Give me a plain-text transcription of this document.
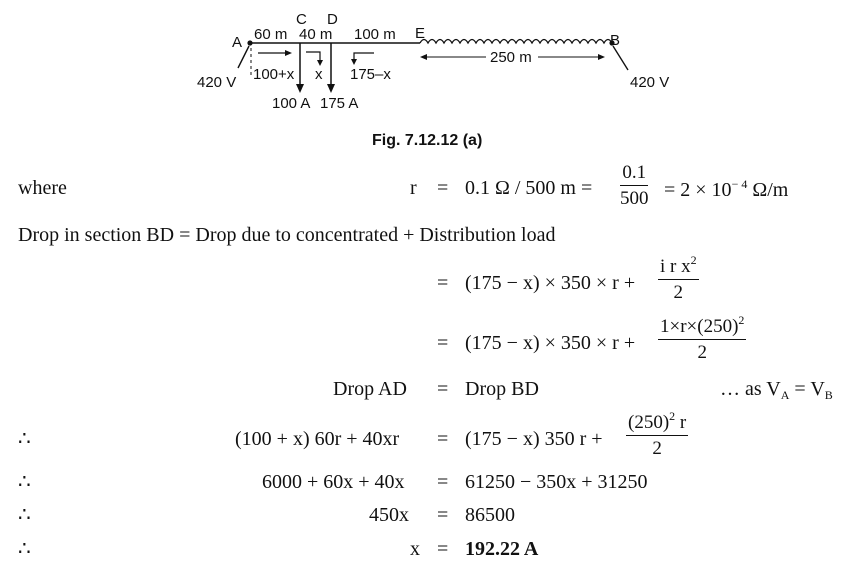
A
C D
E	B
60 m 40 m 100 m
250 m
420 V	420 V
100+x x 175–x
100 A 175 A
Fig. 7.12.12 (a)
where	r = 0.1 Ω / 500 $m = \frac{0.1}{500} = 2 \times 10^{- 4}$ Ω/m
Drop in section BD = Drop due to concentrated + Distribution load
= $(175 - x) \times 350 \times r + \frac{i r x^2}{2}$
= $(175 - x) \times 350 \times r + \frac{1\times r\times(250)^2}{2}$
Drop AD = Drop BD	… as $V_A = V_B$
∴	(100 + x) 60r + 40xr = (175 − x) 350 $r + \frac{(250)^2 r}{2}$
∴	6000 + 60x + 40x = 61250 − 350x + 31250
∴	450x = 86500
∴	x = 192.22 A
